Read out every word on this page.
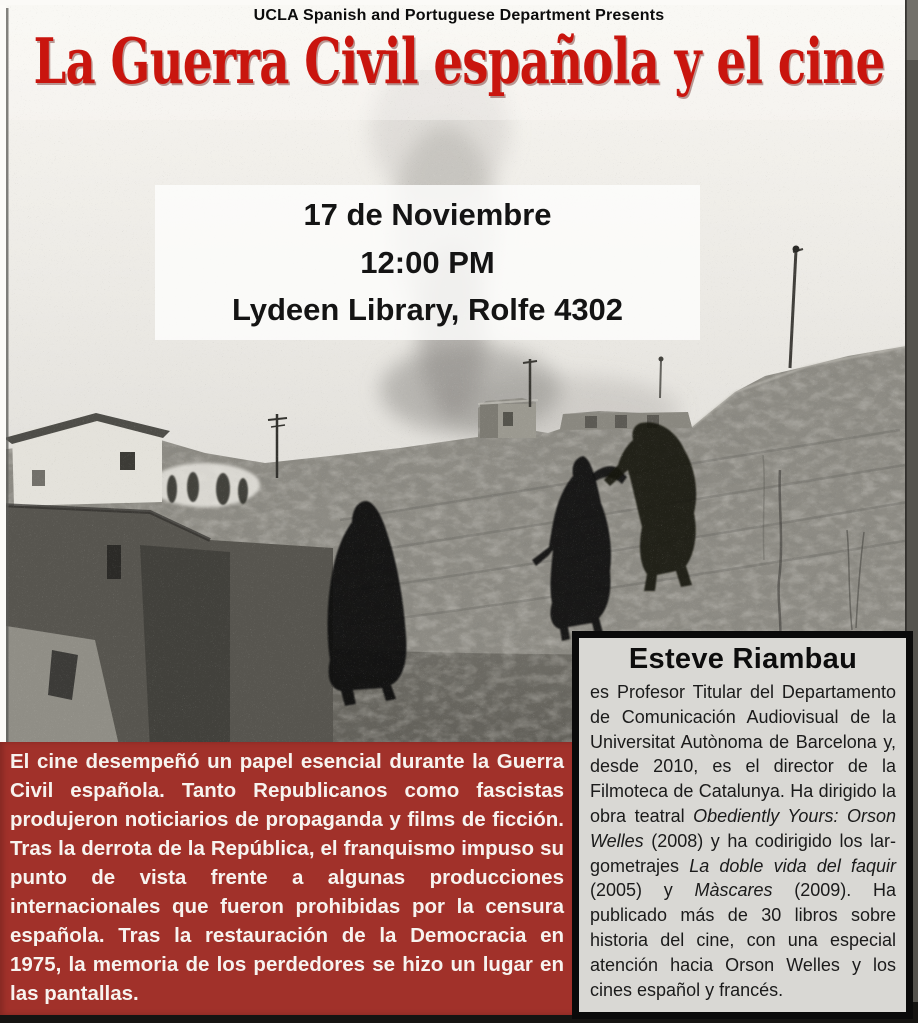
UCLA Spanish and Portuguese Department Presents
La Guerra Civil española y el cine
17 de Noviembre
12:00 PM
Lydeen Library, Rolfe 4302

El cine desempeñó un papel esencial durante la Guerra Civil española. Tanto Republicanos como fascistas produjeron noticiarios de propaganda y films de ficción. Tras la derrota de la República, el franquismo impuso su punto de vista frente a algunas producciones internacionales que fueron prohibidas por la censura española. Tras la restauración de la Democracia en 1975, la memoria de los perdedores se hizo un lugar en las pantallas.

Esteve Riambau

es Profesor Titular del Departamento de Comunicación Audiovisual de la Universitat Autònoma de Barcelona y, desde 2010, es el director de la Filmoteca de Catalunya. Ha dirigido la obra teatral Obediently Yours: Orson Welles (2008) y ha codirigido los largometrajes La doble vida del faquir (2005) y Màscares (2009). Ha publicado más de 30 libros sobre historia del cine, con una especial atención hacia Orson Welles y los cines español y francés.
